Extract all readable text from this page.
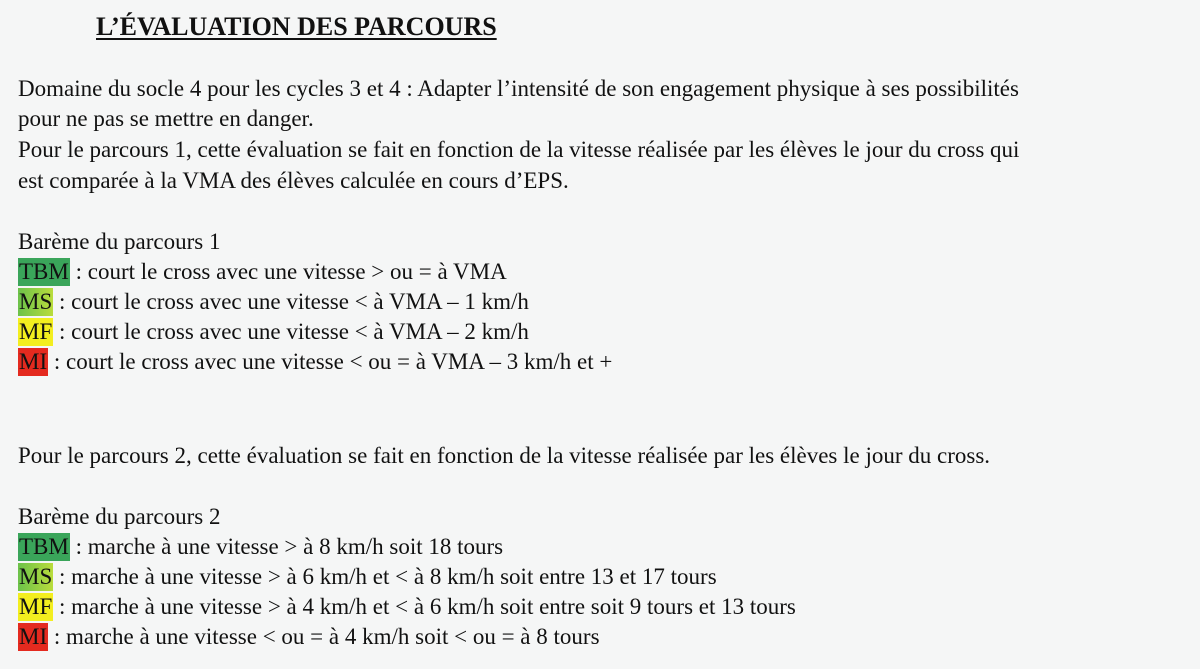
L’ÉVALUATION DES PARCOURS
Domaine du socle 4 pour les cycles 3 et 4 : Adapter l’intensité de son engagement physique à ses possibilités
pour ne pas se mettre en danger.
Pour le parcours 1, cette évaluation se fait en fonction de la vitesse réalisée par les élèves le jour du cross qui
est comparée à la VMA des élèves calculée en cours d’EPS.
Barème du parcours 1
TBM : court le cross avec une vitesse > ou = à VMA
MS : court le cross avec une vitesse < à VMA – 1 km/h
MF : court le cross avec une vitesse < à VMA – 2 km/h
MI : court le cross avec une vitesse < ou = à VMA – 3 km/h et +
Pour le parcours 2, cette évaluation se fait en fonction de la vitesse réalisée par les élèves le jour du cross.
Barème du parcours 2
TBM : marche à une vitesse > à 8 km/h soit 18 tours
MS : marche à une vitesse > à 6 km/h et < à 8 km/h soit entre 13 et 17 tours
MF : marche à une vitesse > à 4 km/h et < à 6 km/h soit entre soit 9 tours et 13 tours
MI : marche à une vitesse < ou = à 4 km/h soit < ou = à 8 tours
